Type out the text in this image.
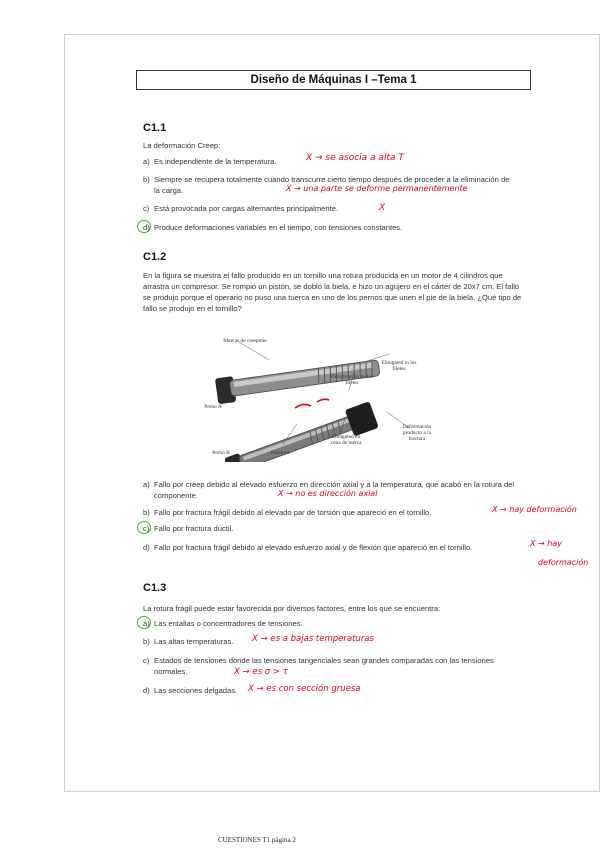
Diseño de Máquinas I –Tema 1
C1.1
La deformación Creep:
a) Es independiente de la temperatura.	X → se asocia a alta T
b) Siempre se recupera totalmente cuando transcurre cierto tiempo después de proceder a la eliminación de la carga.	X → una parte se deforme permanentemente
c) Está provocada por cargas alternantes principalmente.	X
d) Produce deformaciones variables en el tiempo, con tensiones constantes.
C1.2
En la figura se muestra el fallo producido en un tornillo una rotura producida en un motor de 4 cilindros que arrastra un compresor. Se rompió un pistón, se dobló la biela, e hizo un agujero en el cárter de 20x7 cm. El fallo se produjo porque el operario no puso una tuerca en uno de los pernos que unen el pie de la biela. ¿Qué tipo de fallo se produjo en el tornillo?
Marcas de creepmie
Elongated in los filetes
Deformación de los filetes
Perno A
Perno B	Fractura
Elongated en zona de tuerca
Deformación producto a la fractura
a) Fallo por creep debido al elevado esfuerzo en dirección axial y a la temperatura, que acabó en la rotura del componente.	X → no es dirección axial
b) Fallo por fractura frágil debido al elevado par de torsión que apareció en el tornillo.	X → hay deformación
c) Fallo por fractura dúctil.
d) Fallo por fractura frágil debido al elevado esfuerzo axial y de flexión que apareció en el tornillo.	X → hay
deformación
C1.3
La rotura frágil puede estar favorecida por diversos factores, entre los que se encuentra:
a) Las entallas o concentradores de tensiones.
b) Las altas temperaturas.	X → es a bajas temperaturas
c) Estados de tensiones donde las tensiones tangenciales sean grandes comparadas con las tensiones normales.	X → es σ > τ
d) Las secciones delgadas.	X → es con sección gruesa
CUESTIONES T1 página 2
